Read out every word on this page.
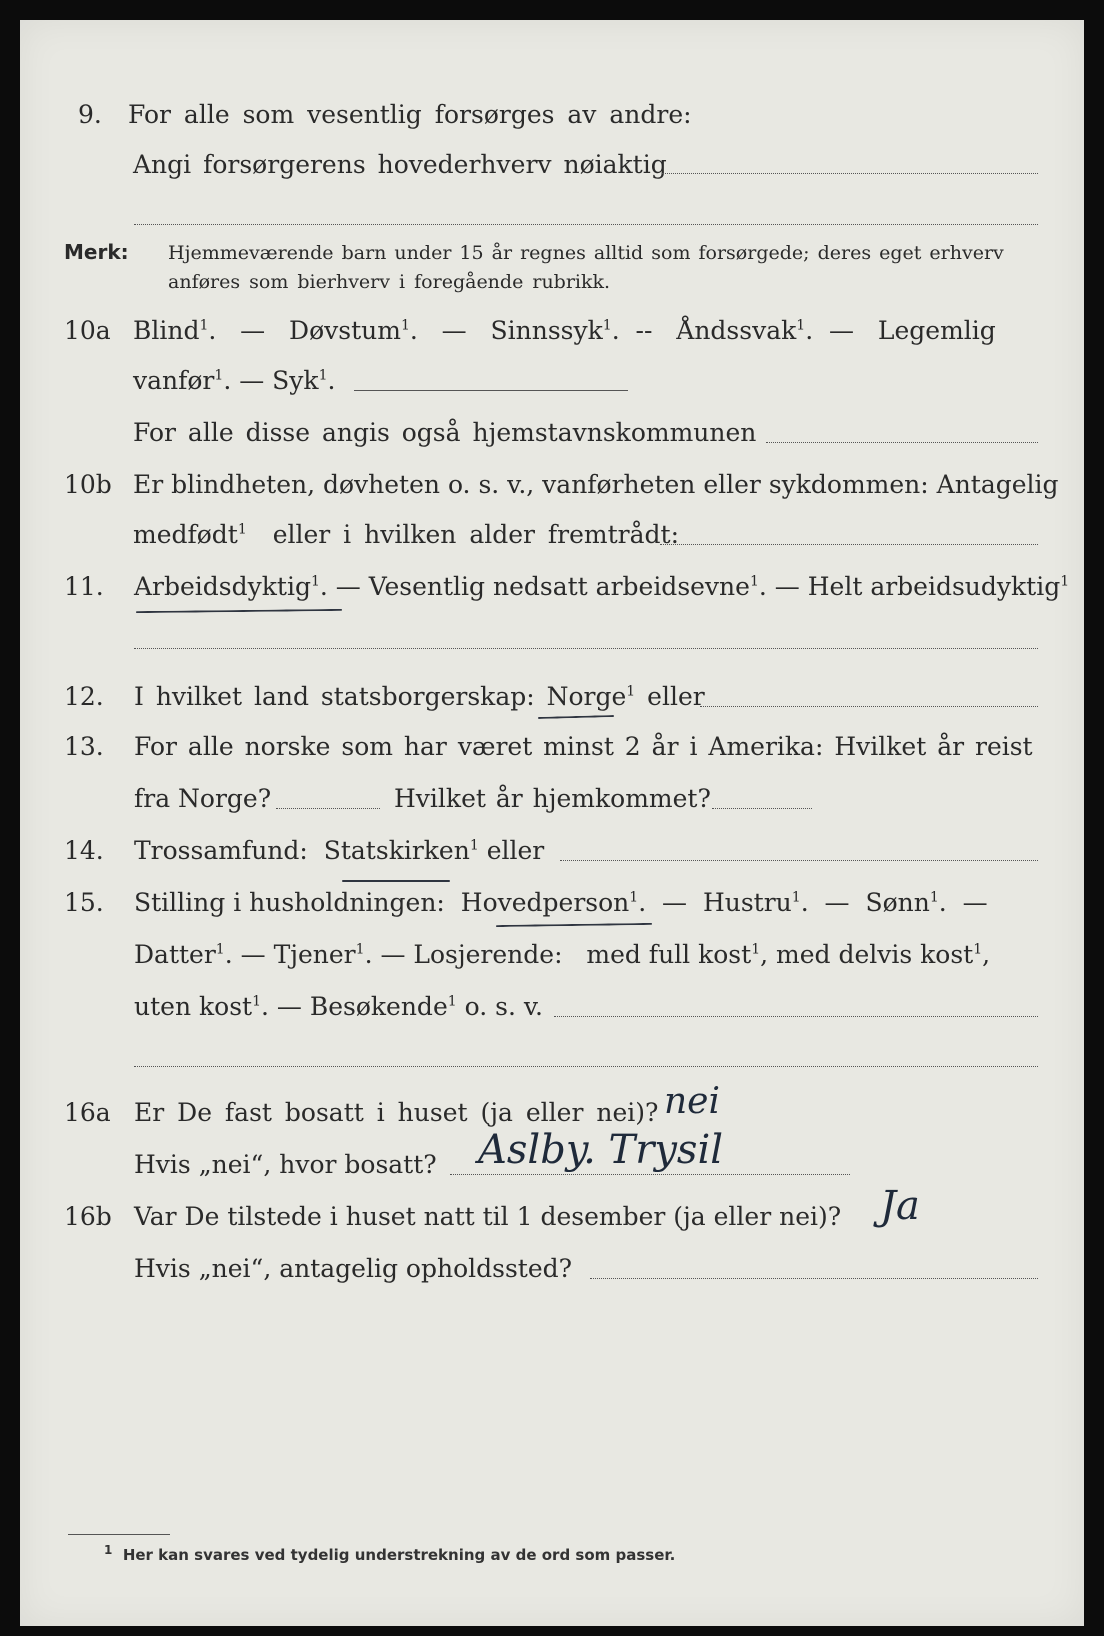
9. For alle som vesentlig forsørges av andre:
Angi forsørgerens hovederhverv nøiaktig
Merk: Hjemmeværende barn under 15 år regnes alltid som forsørgede; deres eget erhverv
anføres som bierhverv i foregående rubrikk.
10a Blind$^1$.   —   Døvstum$^1$.   —   Sinnssyk$^1$.  --   Åndssvak$^1$.  —   Legemlig
vanfør$^1$. — Syk$^1$.
For alle disse angis også hjemstavnskommunen
10b Er blindheten, døvheten o. s. v., vanførheten eller sykdommen: Antagelig
medfødt$^1$ eller i hvilken alder fremtrådt:
11. Arbeidsdyktig$^1$. — Vesentlig nedsatt arbeidsevne$^1$. — Helt arbeidsudyktig$^1$
12. I hvilket land statsborgerskap: Norge$^1$ eller
13. For alle norske som har været minst 2 år i Amerika: Hvilket år reist
fra Norge?	Hvilket år hjemkommet?
14. Trossamfund: Statskirken$^1$ eller
15. Stilling i husholdningen: Hovedperson$^1$.  —  Hustru$^1$.  —  Sønn$^1$.  —
Datter$^1$. — Tjener$^1$. — Losjerende: med full kost$^1$, med delvis kost$^1$,
uten kost$^1$. — Besøkende$^1$ o. s. v.
16a Er De fast bosatt i huset (ja eller nei)? nei
Hvis „nei“, hvor bosatt? Aslby. Trysil
16b Var De tilstede i huset natt til 1 desember (ja eller nei)? Ja
Hvis „nei“, antagelig opholdssted?
$^1$ Her kan svares ved tydelig understrekning av de ord som passer.
